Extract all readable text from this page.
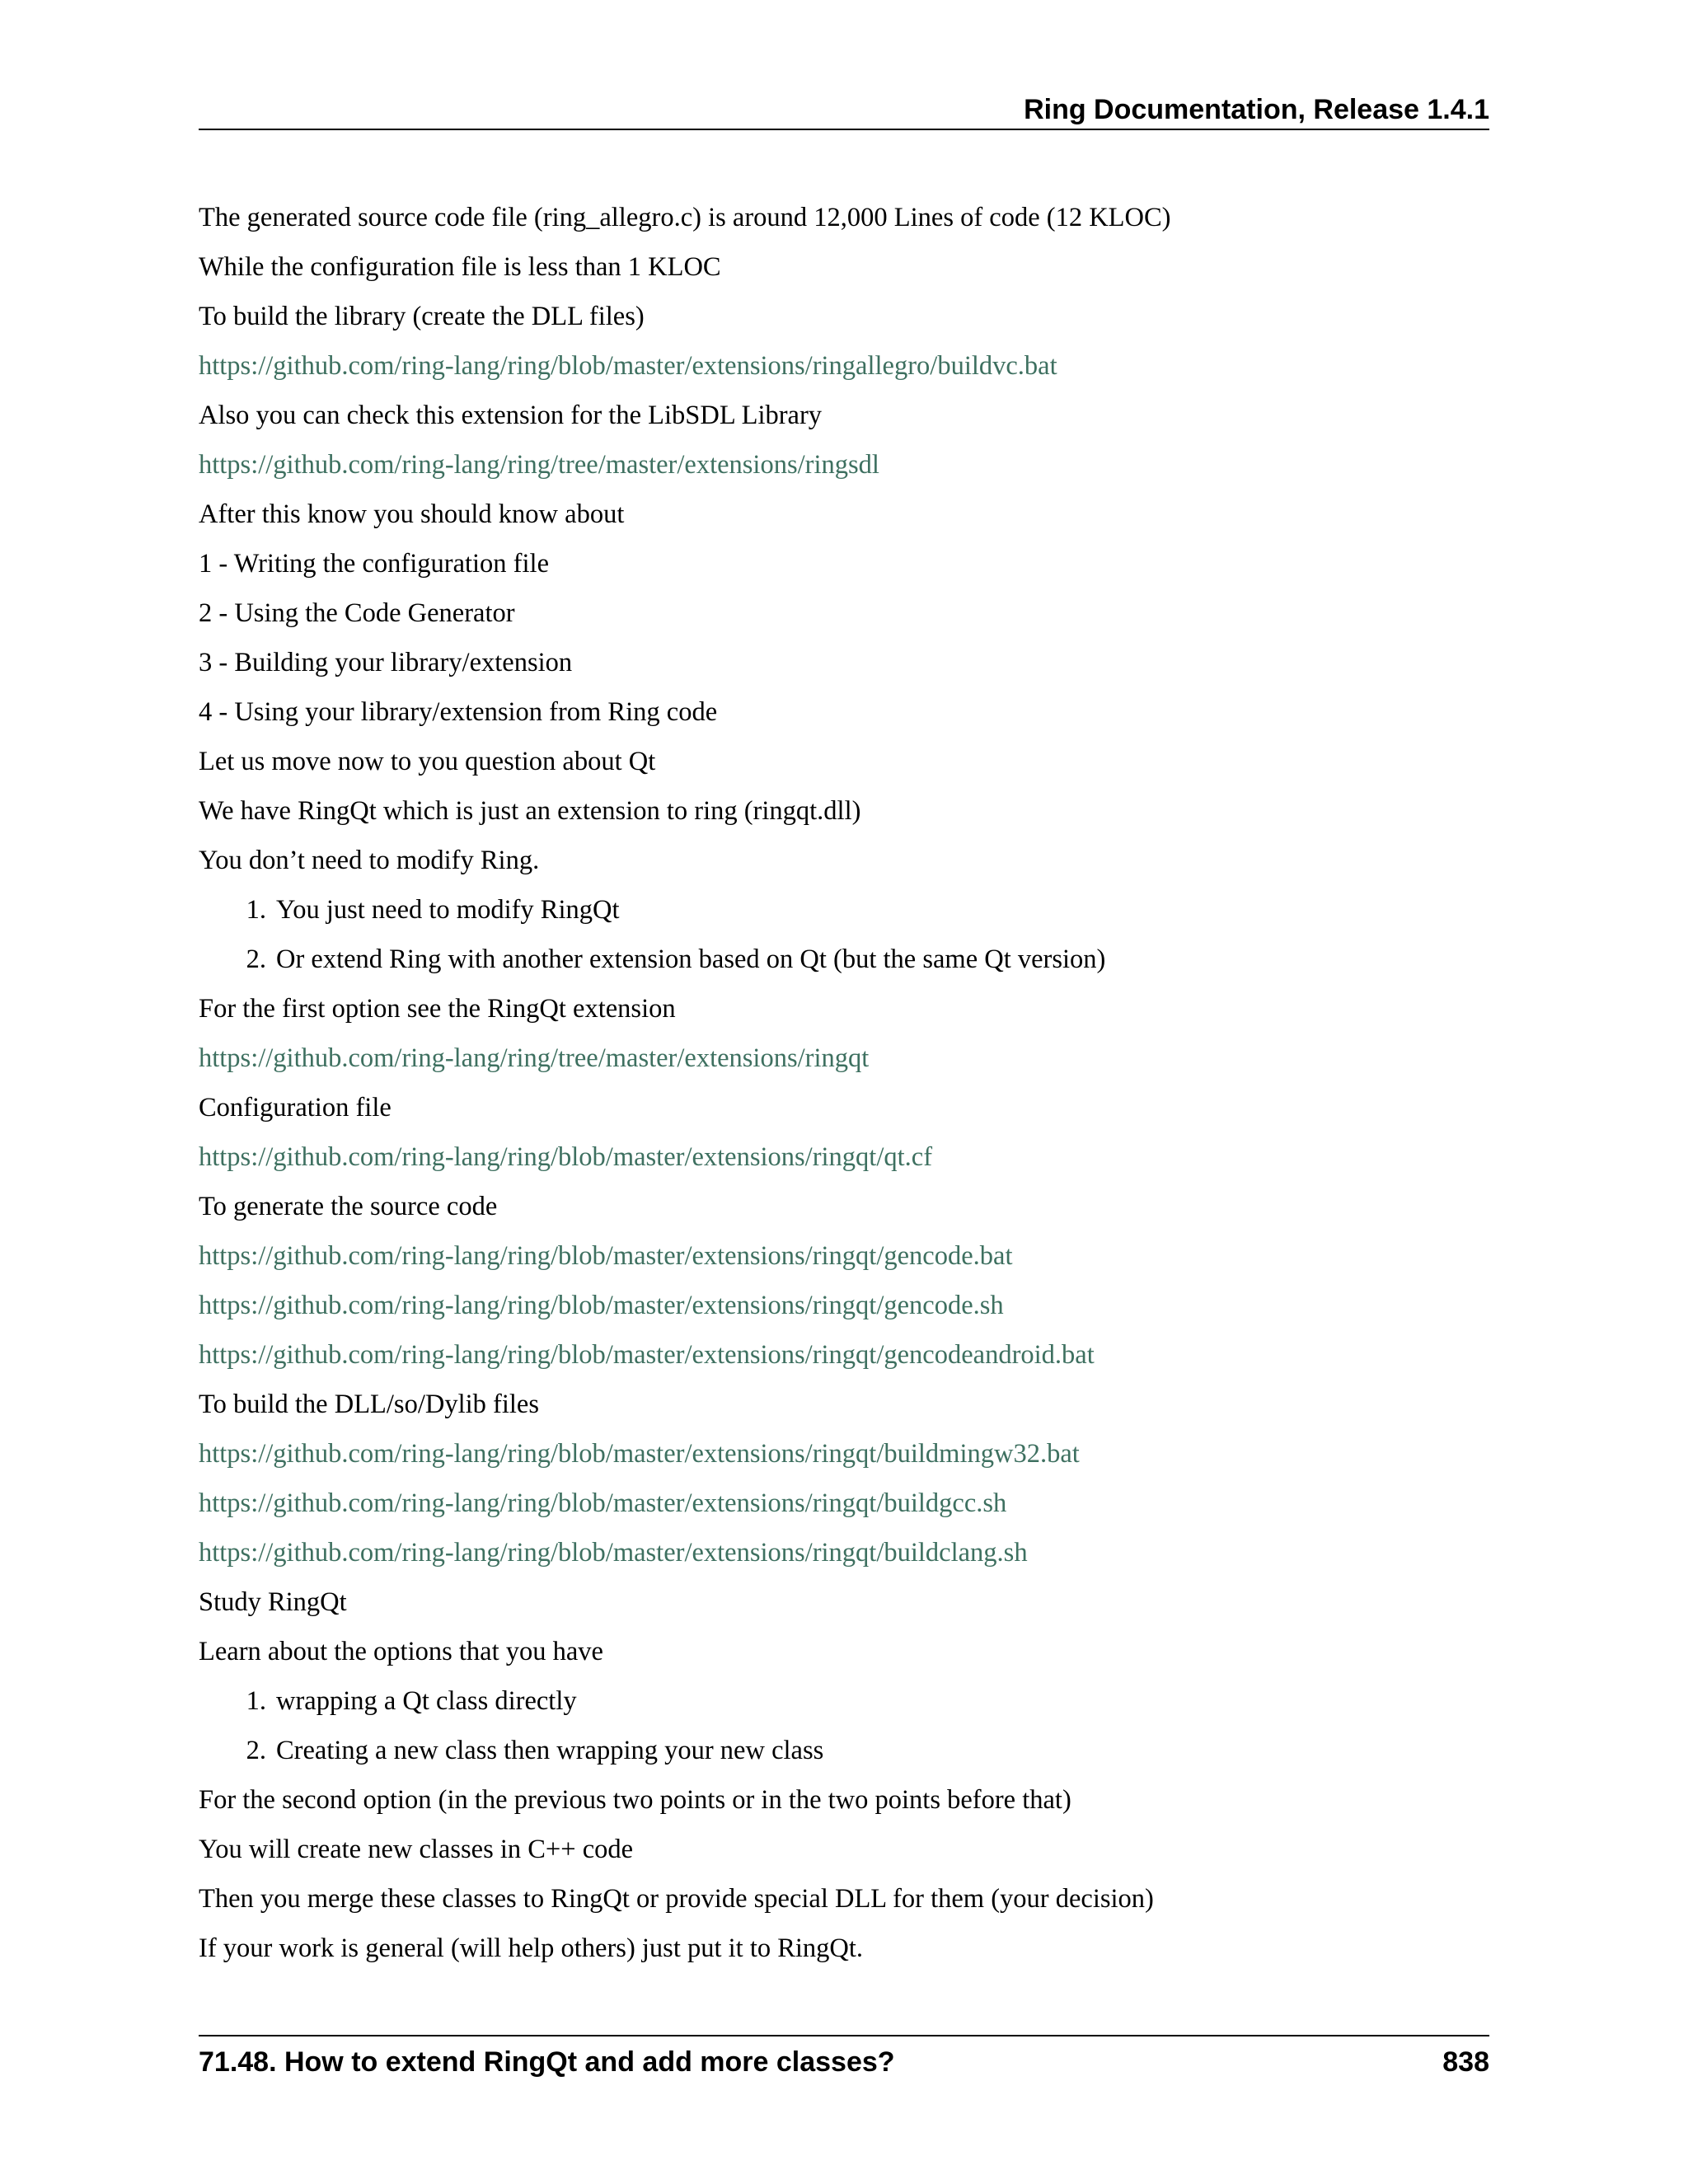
Ring Documentation, Release 1.4.1
The generated source code file (ring_allegro.c) is around 12,000 Lines of code (12 KLOC)
While the configuration file is less than 1 KLOC
To build the library (create the DLL files)
https://github.com/ring-lang/ring/blob/master/extensions/ringallegro/buildvc.bat
Also you can check this extension for the LibSDL Library
https://github.com/ring-lang/ring/tree/master/extensions/ringsdl
After this know you should know about
1 - Writing the configuration file
2 - Using the Code Generator
3 - Building your library/extension
4 - Using your library/extension from Ring code
Let us move now to you question about Qt
We have RingQt which is just an extension to ring (ringqt.dll)
You don’t need to modify Ring.
1. You just need to modify RingQt
2. Or extend Ring with another extension based on Qt (but the same Qt version)
For the first option see the RingQt extension
https://github.com/ring-lang/ring/tree/master/extensions/ringqt
Configuration file
https://github.com/ring-lang/ring/blob/master/extensions/ringqt/qt.cf
To generate the source code
https://github.com/ring-lang/ring/blob/master/extensions/ringqt/gencode.bat
https://github.com/ring-lang/ring/blob/master/extensions/ringqt/gencode.sh
https://github.com/ring-lang/ring/blob/master/extensions/ringqt/gencodeandroid.bat
To build the DLL/so/Dylib files
https://github.com/ring-lang/ring/blob/master/extensions/ringqt/buildmingw32.bat
https://github.com/ring-lang/ring/blob/master/extensions/ringqt/buildgcc.sh
https://github.com/ring-lang/ring/blob/master/extensions/ringqt/buildclang.sh
Study RingQt
Learn about the options that you have
1. wrapping a Qt class directly
2. Creating a new class then wrapping your new class
For the second option (in the previous two points or in the two points before that)
You will create new classes in C++ code
Then you merge these classes to RingQt or provide special DLL for them (your decision)
If your work is general (will help others) just put it to RingQt.
71.48. How to extend RingQt and add more classes?	838
